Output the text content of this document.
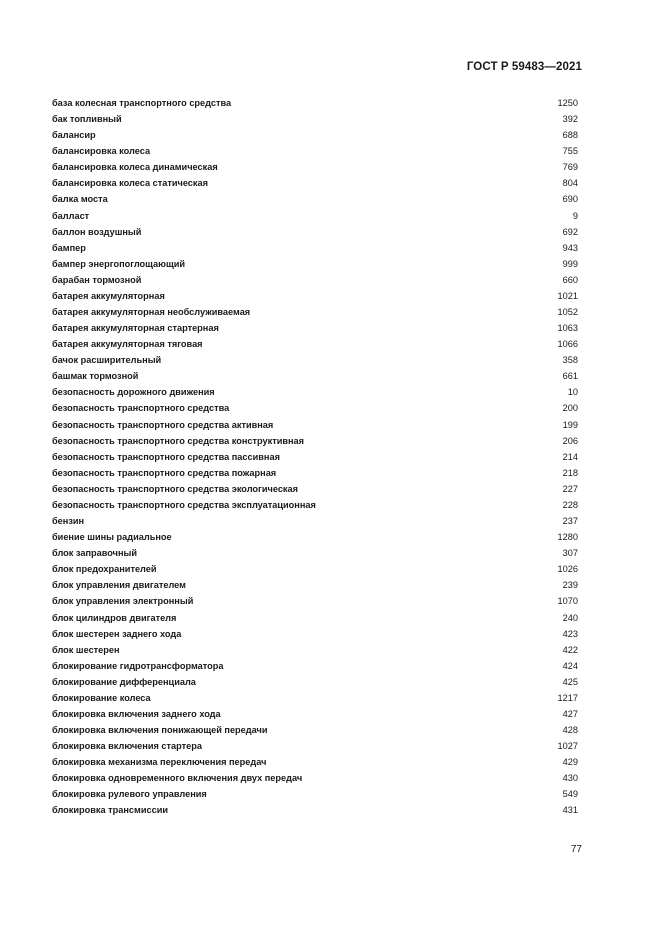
ГОСТ Р 59483—2021
база колесная транспортного средства	1250
бак топливный	392
балансир	688
балансировка колеса	755
балансировка колеса динамическая	769
балансировка колеса статическая	804
балка моста	690
балласт	9
баллон воздушный	692
бампер	943
бампер энергопоглощающий	999
барабан тормозной	660
батарея аккумуляторная	1021
батарея аккумуляторная необслуживаемая	1052
батарея аккумуляторная стартерная	1063
батарея аккумуляторная тяговая	1066
бачок расширительный	358
башмак тормозной	661
безопасность дорожного движения	10
безопасность транспортного средства	200
безопасность транспортного средства активная	199
безопасность транспортного средства конструктивная	206
безопасность транспортного средства пассивная	214
безопасность транспортного средства пожарная	218
безопасность транспортного средства экологическая	227
безопасность транспортного средства эксплуатационная	228
бензин	237
биение шины радиальное	1280
блок заправочный	307
блок предохранителей	1026
блок управления двигателем	239
блок управления электронный	1070
блок цилиндров двигателя	240
блок шестерен заднего хода	423
блок шестерен	422
блокирование гидротрансформатора	424
блокирование дифференциала	425
блокирование колеса	1217
блокировка включения заднего хода	427
блокировка включения понижающей передачи	428
блокировка включения стартера	1027
блокировка механизма переключения передач	429
блокировка одновременного включения двух передач	430
блокировка рулевого управления	549
блокировка трансмиссии	431
77
